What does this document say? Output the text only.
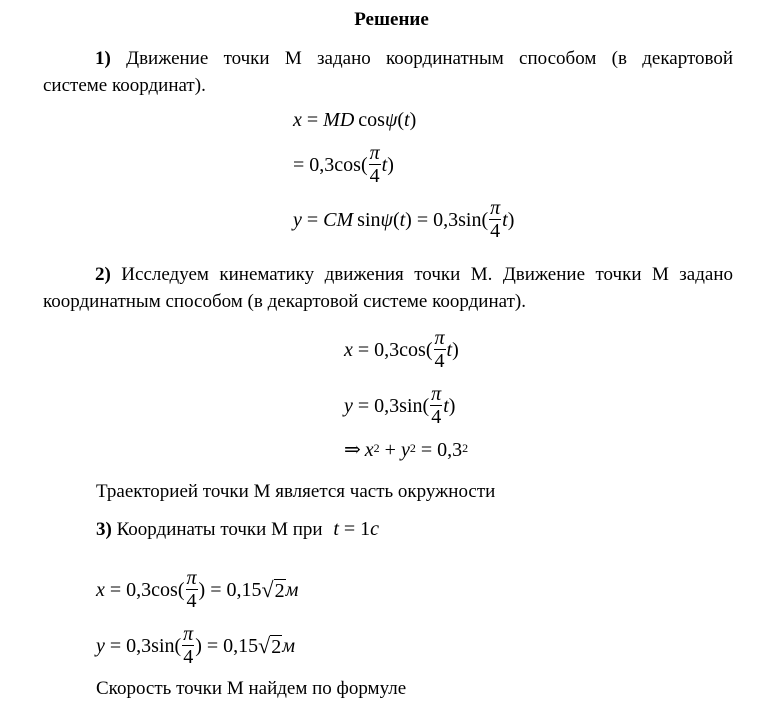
Решение
1) Движение точки М задано координатным способом (в декартовой
системе координат).
x = MD  cos ψ ( t )
= $0,3\cos( \frac{\pi}{4}$ t )
y = CM  sin ψ ( t ) = $0,3\sin( \frac{\pi}{4}$ t )
2) Исследуем кинематику движения точки М. Движение точки М задано
координатным способом (в декартовой системе координат).
$x = 0,3\cos( \frac{\pi}{4}$ t )
$y = 0,3\sin( \frac{\pi}{4}$ t )
⇒ $x^2 + y^2 = 0,3^2$
Траекторией точки М является часть окружности
3) Координаты точки М при t = 1c
$x = 0,3\cos( \frac{\pi}{4}$ ) = 0,15 √ 2 м
$y = 0,3\sin( \frac{\pi}{4}$ ) = 0,15 √ 2 м
Скорость точки М найдем по формуле
